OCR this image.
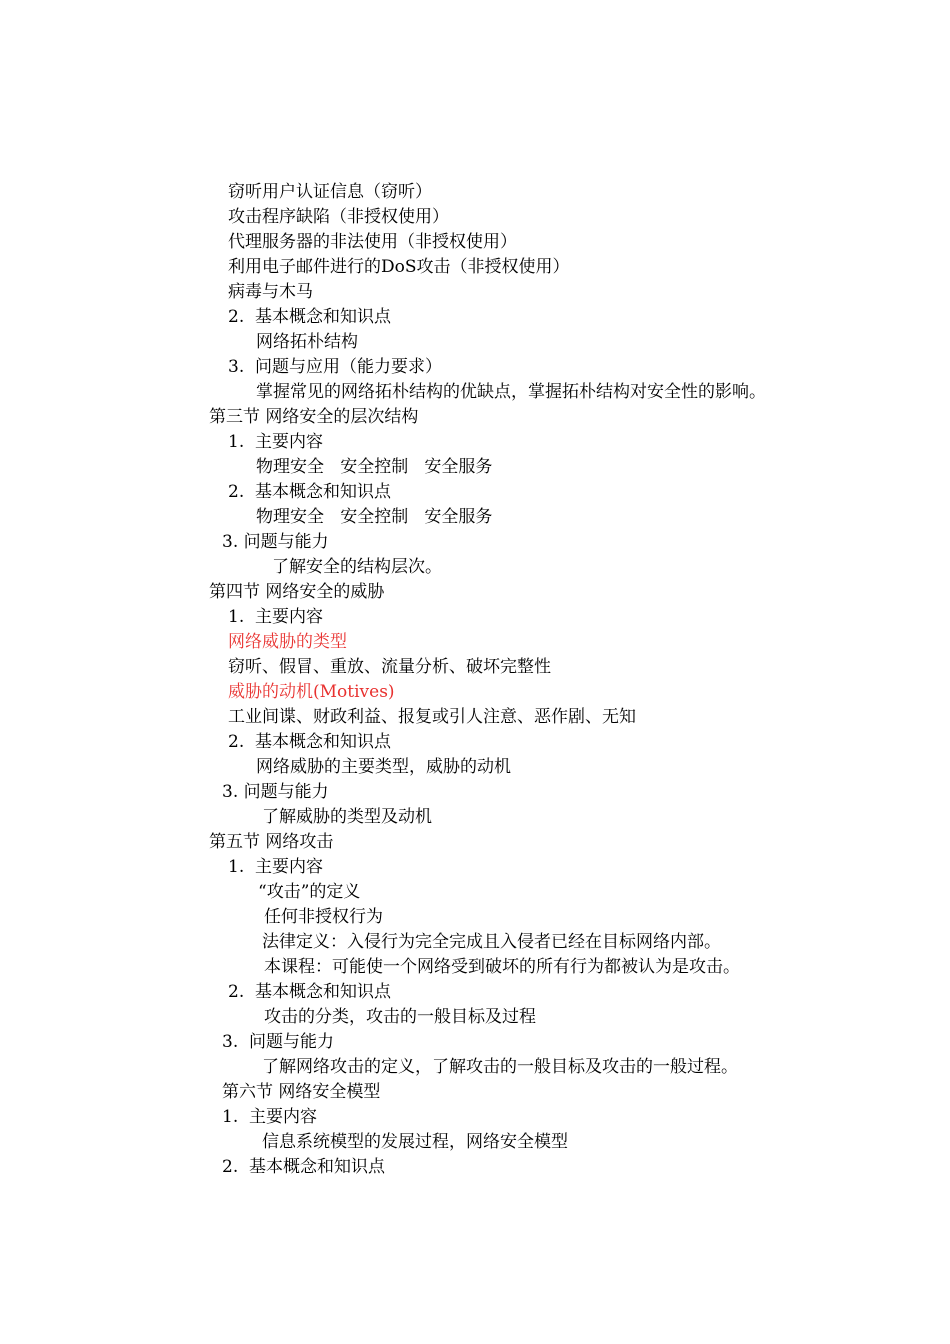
窃听用户认证信息（窃听）
攻击程序缺陷（非授权使用）
代理服务器的非法使用（非授权使用）
利用电子邮件进行的DoS攻击（非授权使用）
病毒与木马
2.  基本概念和知识点
网络拓朴结构
3.  问题与应用（能力要求）
掌握常见的网络拓朴结构的优缺点，掌握拓朴结构对安全性的影响。
第三节 网络安全的层次结构
1.  主要内容
物理安全   安全控制   安全服务
2.  基本概念和知识点
物理安全   安全控制   安全服务
3. 问题与能力
了解安全的结构层次。
第四节 网络安全的威胁
1.  主要内容
网络威胁的类型
窃听、假冒、重放、流量分析、破坏完整性
威胁的动机(Motives)
工业间谍、财政利益、报复或引人注意、恶作剧、无知
2.  基本概念和知识点
网络威胁的主要类型，威胁的动机
3. 问题与能力
了解威胁的类型及动机
第五节 网络攻击
1.  主要内容
“攻击”的定义
任何非授权行为
法律定义：入侵行为完全完成且入侵者已经在目标网络内部。
本课程：可能使一个网络受到破坏的所有行为都被认为是攻击。
2.  基本概念和知识点
攻击的分类，攻击的一般目标及过程
3.  问题与能力
了解网络攻击的定义，了解攻击的一般目标及攻击的一般过程。
第六节 网络安全模型
1.  主要内容
信息系统模型的发展过程，网络安全模型
2.  基本概念和知识点
